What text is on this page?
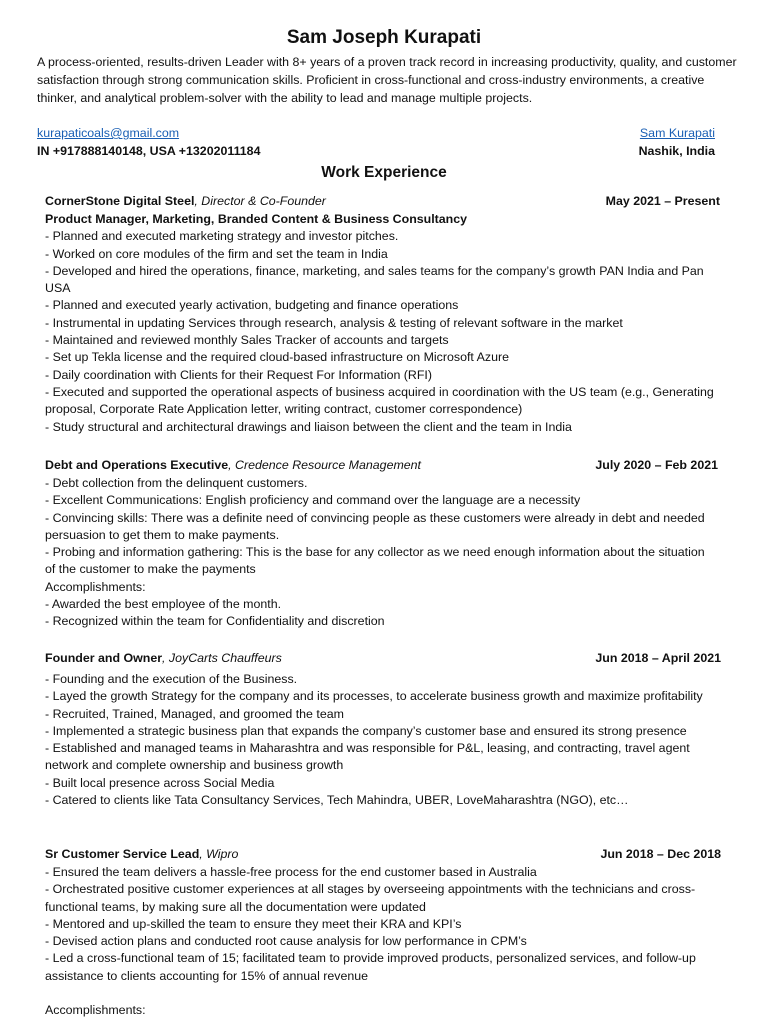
Sam Joseph Kurapati
A process-oriented, results-driven Leader with 8+ years of a proven track record in increasing productivity, quality, and customer satisfaction through strong communication skills. Proficient in cross-functional and cross-industry environments, a creative thinker, and analytical problem-solver with the ability to lead and manage multiple projects.
kurapaticoals@gmail.com	Sam Kurapati
IN +917888140148, USA +13202011184	Nashik, India
Work Experience
CornerStone Digital Steel, Director & Co-Founder	May 2021 – Present
Product Manager, Marketing, Branded Content & Business Consultancy

- Planned and executed marketing strategy and investor pitches.

- Worked on core modules of the firm and set the team in India

- Developed and hired the operations, finance, marketing, and sales teams for the company’s growth PAN India and Pan USA

- Planned and executed yearly activation, budgeting and finance operations

- Instrumental in updating Services through research, analysis & testing of relevant software in the market

- Maintained and reviewed monthly Sales Tracker of accounts and targets

- Set up Tekla license and the required cloud-based infrastructure on Microsoft Azure

- Daily coordination with Clients for their Request For Information (RFI)

- Executed and supported the operational aspects of business acquired in coordination with the US team (e.g., Generating proposal, Corporate Rate Application letter, writing contract, customer correspondence)

- Study structural and architectural drawings and liaison between the client and the team in India

Debt and Operations Executive, Credence Resource Management	July 2020 – Feb 2021

- Debt collection from the delinquent customers.

- Excellent Communications: English proficiency and command over the language are a necessity

- Convincing skills: There was a definite need of convincing people as these customers were already in debt and needed persuasion to get them to make payments.

- Probing and information gathering: This is the base for any collector as we need enough information about the situation of the customer to make the payments

Accomplishments:

- Awarded the best employee of the month.

- Recognized within the team for Confidentiality and discretion

Founder and Owner, JoyCarts Chauffeurs	Jun 2018 – April 2021

- Founding and the execution of the Business.

- Layed the growth Strategy for the company and its processes, to accelerate business growth and maximize profitability

- Recruited, Trained, Managed, and groomed the team

- Implemented a strategic business plan that expands the company’s customer base and ensured its strong presence

- Established and managed teams in Maharashtra and was responsible for P&L, leasing, and contracting, travel agent network and complete ownership and business growth

- Built local presence across Social Media

- Catered to clients like Tata Consultancy Services, Tech Mahindra, UBER, LoveMaharashtra (NGO), etc…

Sr Customer Service Lead, Wipro	Jun 2018 – Dec 2018

- Ensured the team delivers a hassle-free process for the end customer based in Australia

- Orchestrated positive customer experiences at all stages by overseeing appointments with the technicians and cross-functional teams, by making sure all the documentation were updated

- Mentored and up-skilled the team to ensure they meet their KRA and KPI’s

- Devised action plans and conducted root cause analysis for low performance in CPM’s

- Led a cross-functional team of 15; facilitated team to provide improved products, personalized services, and follow-up assistance to clients accounting for 15% of annual revenue

Accomplishments:
